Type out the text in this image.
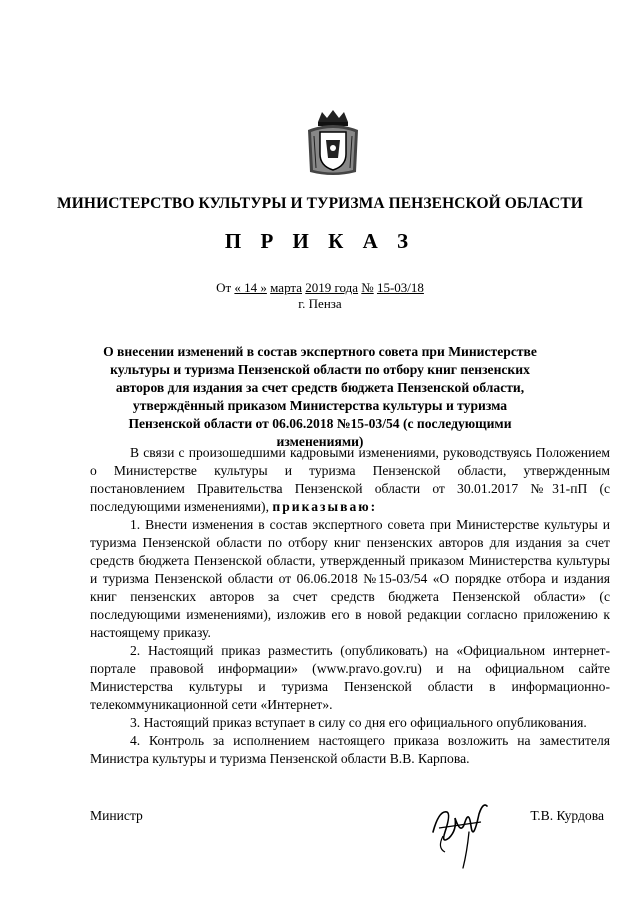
МИНИСТЕРСТВО КУЛЬТУРЫ И ТУРИЗМА ПЕНЗЕНСКОЙ ОБЛАСТИ
П Р И К А З
От « 14 » марта 2019 года № 15-03/18
г. Пенза
О внесении изменений в состав экспертного совета при Министерстве культуры и туризма Пензенской области по отбору книг пензенских авторов для издания за счет средств бюджета Пензенской области, утверждённый приказом Министерства культуры и туризма Пензенской области от 06.06.2018 №15-03/54 (с последующими изменениями)

В связи с произошедшими кадровыми изменениями, руководствуясь Положением о Министерстве культуры и туризма Пензенской области, утвержденным постановлением Правительства Пензенской области от 30.01.2017 №31-пП (с последующими изменениями), приказываю:

1. Внести изменения в состав экспертного совета при Министерстве культуры и туризма Пензенской области по отбору книг пензенских авторов для издания за счет средств бюджета Пензенской области, утвержденный приказом Министерства культуры и туризма Пензенской области от 06.06.2018 №15-03/54 «О порядке отбора и издания книг пензенских авторов за счет средств бюджета Пензенской области» (с последующими изменениями), изложив его в новой редакции согласно приложению к настоящему приказу.

2. Настоящий приказ разместить (опубликовать) на «Официальном интернет-портале правовой информации» (www.pravo.gov.ru) и на официальном сайте Министерства культуры и туризма Пензенской области в информационно-телекоммуникационной сети «Интернет».

3. Настоящий приказ вступает в силу со дня его официального опубликования.

4. Контроль за исполнением настоящего приказа возложить на заместителя Министра культуры и туризма Пензенской области В.В. Карпова.

Министр	Т.В. Курдова
